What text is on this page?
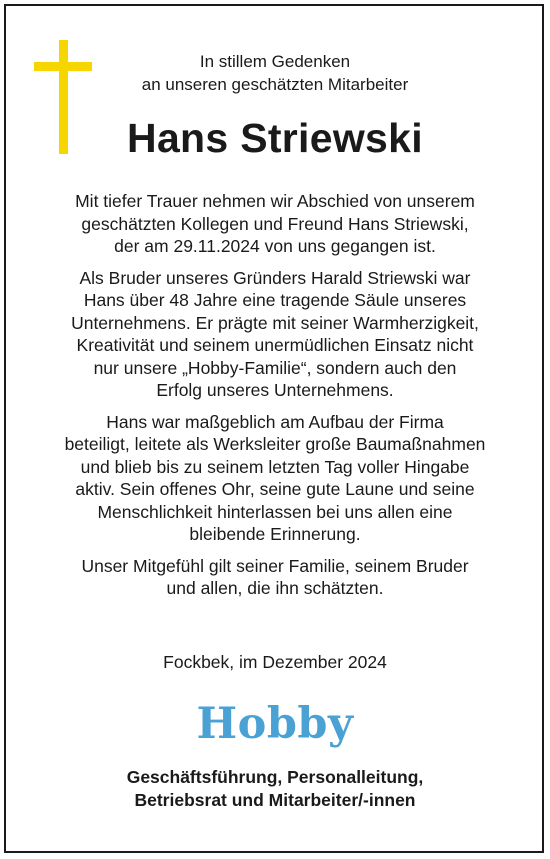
In stillem Gedenken
an unseren geschätzten Mitarbeiter
Hans Striewski

Mit tiefer Trauer nehmen wir Abschied von unserem
geschätzten Kollegen und Freund Hans Striewski,
der am 29.11.2024 von uns gegangen ist.

Als Bruder unseres Gründers Harald Striewski war
Hans über 48 Jahre eine tragende Säule unseres
Unternehmens. Er prägte mit seiner Warmherzigkeit,
Kreativität und seinem unermüdlichen Einsatz nicht
nur unsere „Hobby-Familie“, sondern auch den
Erfolg unseres Unternehmens.

Hans war maßgeblich am Aufbau der Firma
beteiligt, leitete als Werksleiter große Baumaßnahmen
und blieb bis zu seinem letzten Tag voller Hingabe
aktiv. Sein offenes Ohr, seine gute Laune und seine
Menschlichkeit hinterlassen bei uns allen eine
bleibende Erinnerung.

Unser Mitgefühl gilt seiner Familie, seinem Bruder
und allen, die ihn schätzten.

Fockbek, im Dezember 2024
Hobby
Geschäftsführung, Personalleitung,
Betriebsrat und Mitarbeiter/-innen
